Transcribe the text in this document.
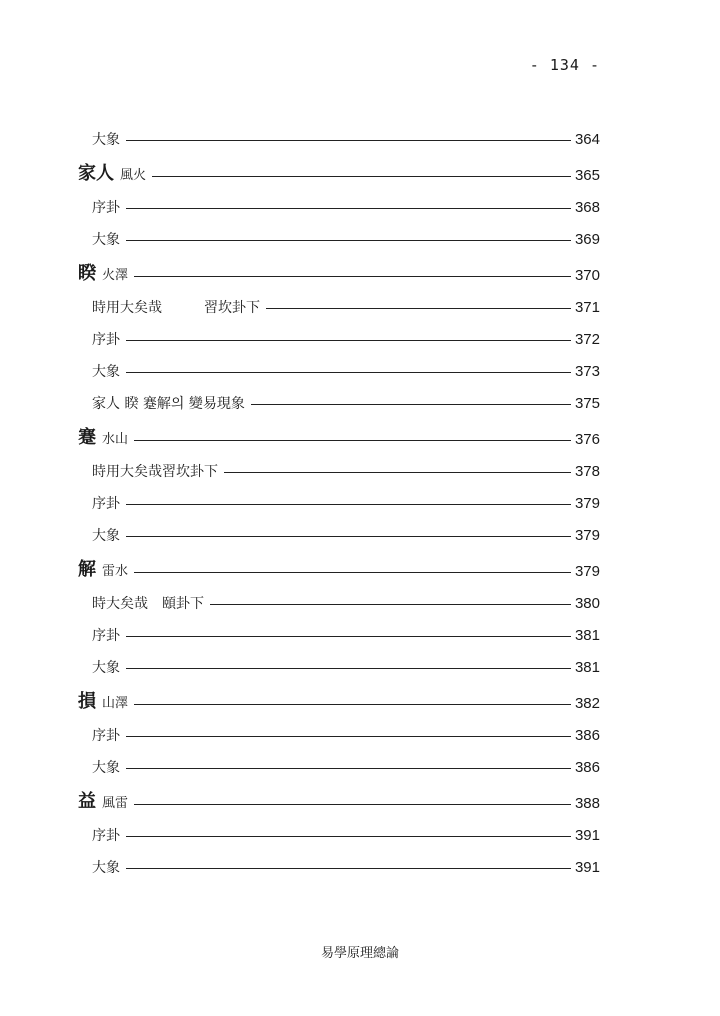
- 134 -
大象	364
家人 風火	365
序卦	368
大象	369
睽 火澤	370
時用大矣哉　　　習坎卦下	371
序卦	372
大象	373
家人 睽 蹇解의 變易現象	375
蹇 水山	376
時用大矣哉習坎卦下	378
序卦	379
大象	379
解 雷水	379
時大矣哉　頤卦下	380
序卦	381
大象	381
損 山澤	382
序卦	386
大象	386
益 風雷	388
序卦	391
大象	391
易學原理總論
